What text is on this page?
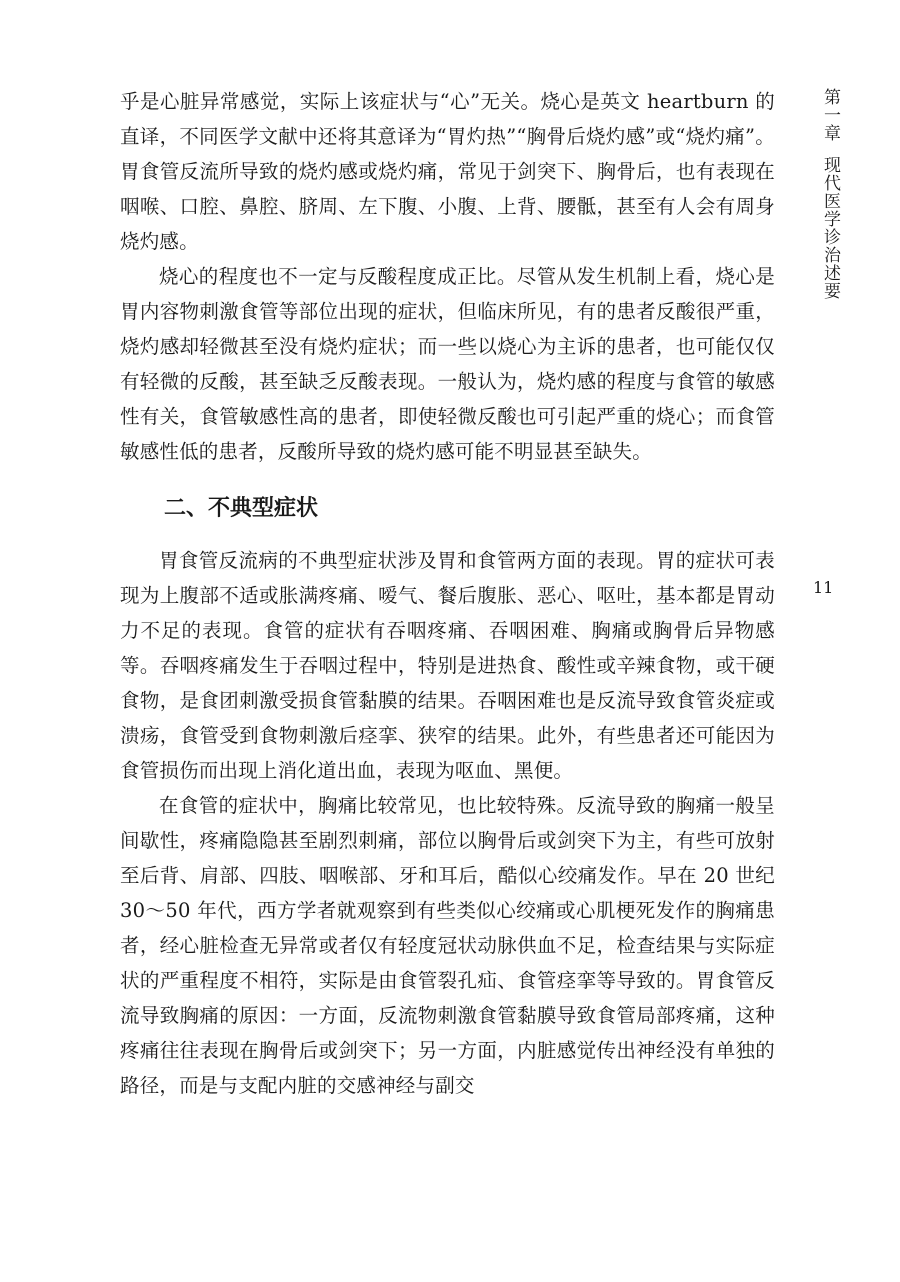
乎是心脏异常感觉，实际上该症状与“心”无关。烧心是英文 heartburn 的直译，不同医学文献中还将其意译为“胃灼热”“胸骨后烧灼感”或“烧灼痛”。胃食管反流所导致的烧灼感或烧灼痛，常见于剑突下、胸骨后，也有表现在咽喉、口腔、鼻腔、脐周、左下腹、小腹、上背、腰骶，甚至有人会有周身烧灼感。

烧心的程度也不一定与反酸程度成正比。尽管从发生机制上看，烧心是胃内容物刺激食管等部位出现的症状，但临床所见，有的患者反酸很严重，烧灼感却轻微甚至没有烧灼症状；而一些以烧心为主诉的患者，也可能仅仅有轻微的反酸，甚至缺乏反酸表现。一般认为，烧灼感的程度与食管的敏感性有关，食管敏感性高的患者，即使轻微反酸也可引起严重的烧心；而食管敏感性低的患者，反酸所导致的烧灼感可能不明显甚至缺失。

二、不典型症状

胃食管反流病的不典型症状涉及胃和食管两方面的表现。胃的症状可表现为上腹部不适或胀满疼痛、嗳气、餐后腹胀、恶心、呕吐，基本都是胃动力不足的表现。食管的症状有吞咽疼痛、吞咽困难、胸痛或胸骨后异物感等。吞咽疼痛发生于吞咽过程中，特别是进热食、酸性或辛辣食物，或干硬食物，是食团刺激受损食管黏膜的结果。吞咽困难也是反流导致食管炎症或溃疡，食管受到食物刺激后痉挛、狭窄的结果。此外，有些患者还可能因为食管损伤而出现上消化道出血，表现为呕血、黑便。

在食管的症状中，胸痛比较常见，也比较特殊。反流导致的胸痛一般呈间歇性，疼痛隐隐甚至剧烈刺痛，部位以胸骨后或剑突下为主，有些可放射至后背、肩部、四肢、咽喉部、牙和耳后，酷似心绞痛发作。早在 20 世纪 30～50 年代，西方学者就观察到有些类似心绞痛或心肌梗死发作的胸痛患者，经心脏检查无异常或者仅有轻度冠状动脉供血不足，检查结果与实际症状的严重程度不相符，实际是由食管裂孔疝、食管痉挛等导致的。胃食管反流导致胸痛的原因：一方面，反流物刺激食管黏膜导致食管局部疼痛，这种疼痛往往表现在胸骨后或剑突下；另一方面，内脏感觉传出神经没有单独的路径，而是与支配内脏的交感神经与副交

第一章现代医学诊治述要
11
